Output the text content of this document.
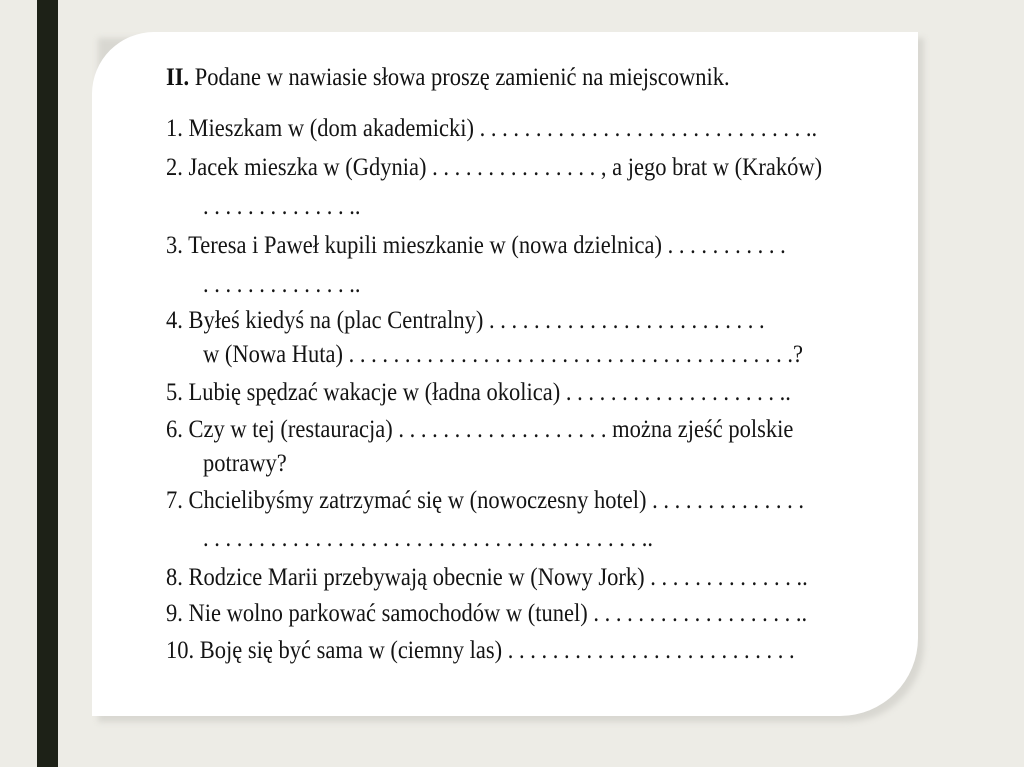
II. Podane w nawiasie słowa proszę zamienić na miejscownik.
1. Mieszkam w (dom akademicki) . . . . . . . . . . . . . . . . . . . . . . . . . . . . . ..
2. Jacek mieszka w (Gdynia) . . . . . . . . . . . . . . . , a jego brat w (Kraków)
. . . . . . . . . . . . . ..
3. Teresa i Paweł kupili mieszkanie w (nowa dzielnica) . . . . . . . . . . .
. . . . . . . . . . . . . ..
4. Byłeś kiedyś na (plac Centralny) . . . . . . . . . . . . . . . . . . . . . . . . .
w (Nowa Huta) . . . . . . . . . . . . . . . . . . . . . . . . . . . . . . . . . . . . . . . .?
5. Lubię spędzać wakacje w (ładna okolica) . . . . . . . . . . . . . . . . . . . ..
6. Czy w tej (restauracja) . . . . . . . . . . . . . . . . . . . można zjeść polskie
potrawy?
7. Chcielibyśmy zatrzymać się w (nowoczesny hotel) . . . . . . . . . . . . . .
. . . . . . . . . . . . . . . . . . . . . . . . . . . . . . . . . . . . . . . ..
8. Rodzice Marii przebywają obecnie w (Nowy Jork) . . . . . . . . . . . . . ..
9. Nie wolno parkować samochodów w (tunel) . . . . . . . . . . . . . . . . . . ..
10. Boję się być sama w (ciemny las) . . . . . . . . . . . . . . . . . . . . . . . . . .
